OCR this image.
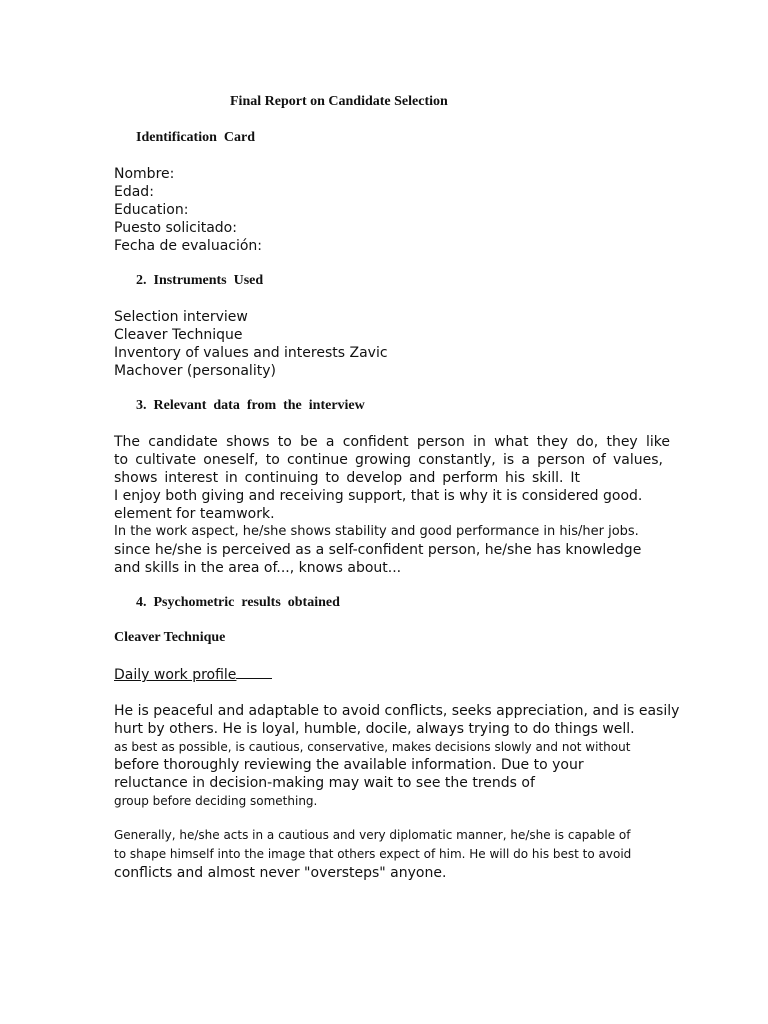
Final Report on Candidate Selection
Identification  Card
Nombre:
Edad:
Education:
Puesto solicitado:
Fecha de evaluación:
2.  Instruments  Used
Selection interview
Cleaver Technique
Inventory of values and interests Zavic
Machover (personality)
3.  Relevant  data  from  the  interview
The candidate shows to be a confident person in what they do, they like
to cultivate oneself, to continue growing constantly, is a person of values,
shows interest in continuing to develop and perform his skill. It
I enjoy both giving and receiving support, that is why it is considered good.
element for teamwork.
In the work aspect, he/she shows stability and good performance in his/her jobs.
since he/she is perceived as a self-confident person, he/she has knowledge
and skills in the area of..., knows about...
4.  Psychometric  results  obtained
Cleaver Technique
Daily work profile
He is peaceful and adaptable to avoid conflicts, seeks appreciation, and is easily
hurt by others. He is loyal, humble, docile, always trying to do things well.
as best as possible, is cautious, conservative, makes decisions slowly and not without
before thoroughly reviewing the available information. Due to your
reluctance in decision-making may wait to see the trends of
group before deciding something.
Generally, he/she acts in a cautious and very diplomatic manner, he/she is capable of
to shape himself into the image that others expect of him. He will do his best to avoid
conflicts and almost never "oversteps" anyone.
